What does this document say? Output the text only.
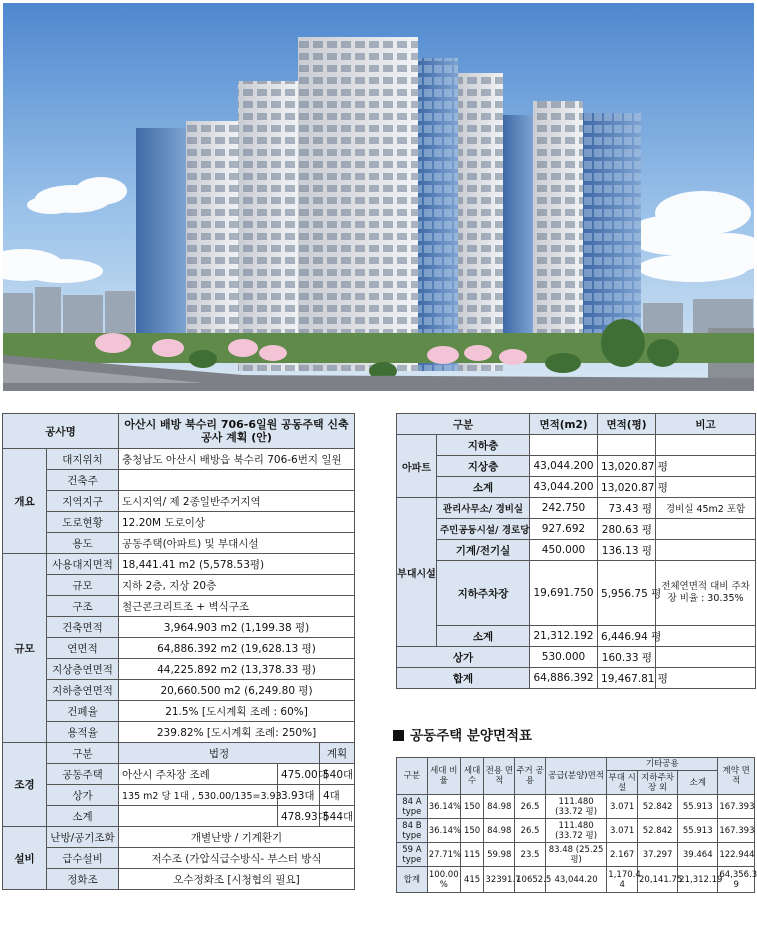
공사명		아산시 배방 북수리 706-6일원 공동주택 신축공사 계획 (안)		
개요	대지위치	충청남도 아산시 배방읍 북수리 706-6번지 일원		
	건축주			
	지역지구	도시지역/ 제 2종일반주거지역		
	도로현황	12.20M 도로이상		
	용도	공동주택(아파트) 및 부대시설		
규모	사용대지면적	18,441.41 m2 (5,578.53평)		
	규모	지하 2층, 지상 20층		
	구조	철근콘크리트조 + 벽식구조		
	건축면적	3,964.903 m2 (1,199.38 평)		
	연면적	64,886.392 m2 (19,628.13 평)		
	지상층연면적	44,225.892 m2 (13,378.33 평)		
	지하층연면적	20,660.500 m2 (6,249.80 평)		
	건폐율	21.5% [도시계획 조례 : 60%]		
	용적율	239.82% [도시계획 조례: 250%]		
조경	구분	법정		계획
	공동주택	아산시 주차장 조례	475.00대	540대
	상가	135 m2 당 1대 , 530.00/135=3.93	3.93대	4대
	소계		478.93대	544대
설비	난방/공기조화	개별난방 / 기계환기		
	급수설비	저수조 (가압식급수방식- 부스터 방식		
	정화조	오수정화조 [시청협의 필요]		
구분		면적(m2)	면적(평)	비고
아파트	지하층			
	지상층	43,044.200	13,020.87 평	
	소계	43,044.200	13,020.87 평	
부대시설	관리사무소/ 경비실	242.750	73.43 평	경비실 45m2 포함
	주민공동시설/ 경로당	927.692	280.63 평	
	기계/전기실	450.000	136.13 평	
	지하주차장	19,691.750	5,956.75 평	전체연면적 대비 주차장 비율 : 30.35%
	소계	21,312.192	6,446.94 평	
상가		530.000	160.33 평	
합계		64,886.392	19,467.81 평	
공동주택 분양면적표
구분	세대 비율	세대 수	전용 면적	주거 공용	공급(분양)면적	기타공용			계약 면적
						부대 시설	지하주차 장 외	소계	
84 A type	36.14%	150	84.98	26.5	111.480 (33.72 평)	3.071	52.842	55.913	167.393
84 B type	36.14%	150	84.98	26.5	111.480 (33.72 평)	3.071	52.842	55.913	167.393
59 A type	27.71%	115	59.98	23.5	83.48 (25.25 평)	2.167	37.297	39.464	122.944
합계	100.00 %	415	32391.7	10652.5	43,044.20	1,170.4 4	20,141.75	21,312.19	64,356.3 9
